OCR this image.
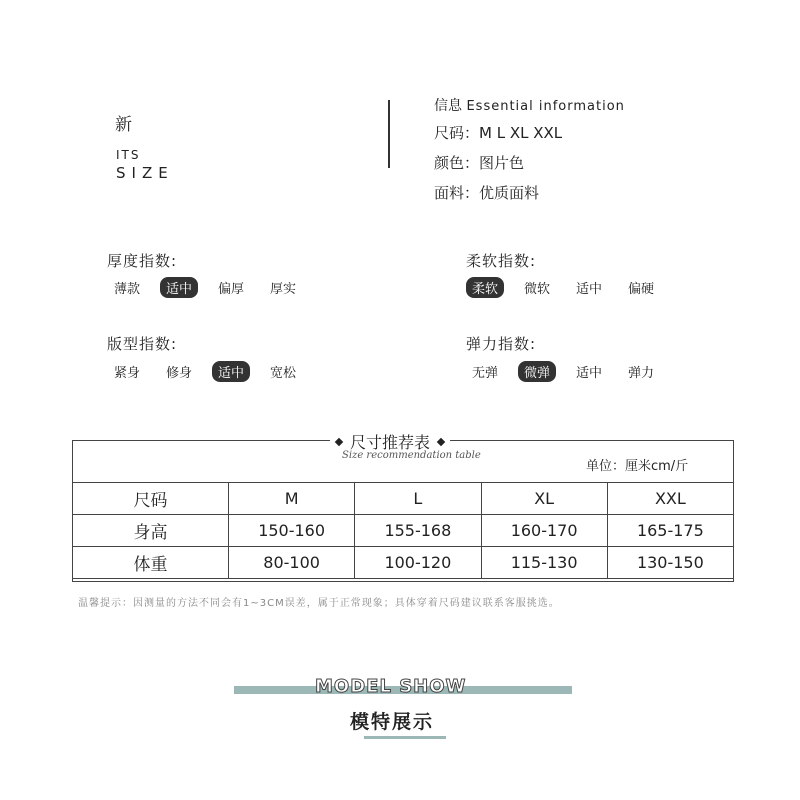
新
ITS
SIZE
信息 Essential information
尺码：M L XL XXL
颜色：图片色
面料：优质面料
厚度指数:
薄款	适中	偏厚	厚实
柔软指数:
柔软	微软	适中	偏硬
版型指数:
紧身	修身	适中	宽松
弹力指数:
无弹	微弹	适中	弹力
尺寸推荐表
Size recommendation table
单位：厘米cm/斤
尺码	M	L	XL	XXL
身高	150-160	155-168	160-170	165-175
体重	80-100	100-120	115-130	130-150
温馨提示：因测量的方法不同会有1~3CM误差，属于正常现象；具体穿着尺码建议联系客服挑选。
MODEL SHOW
模特展示
